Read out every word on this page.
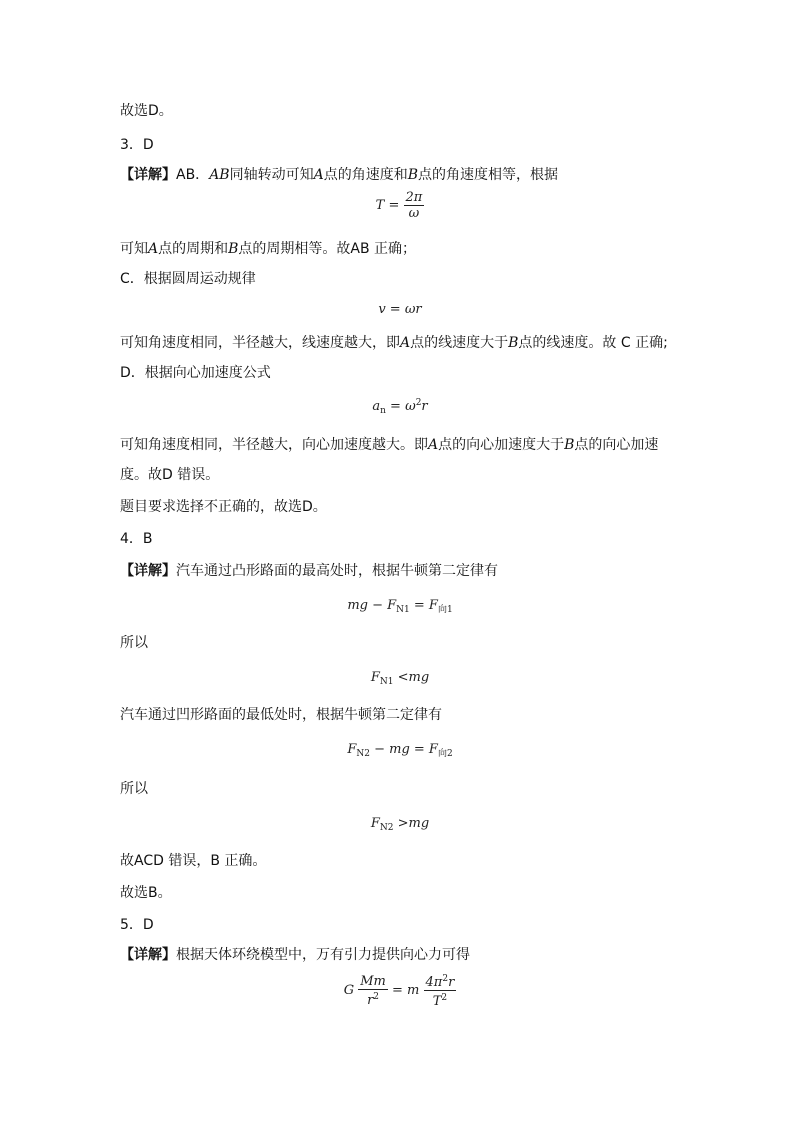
故选D。
3．D
【详解】AB．AB同轴转动可知A点的角速度和B点的角速度相等，根据
$T = \frac{2\pi}{\omega}$
可知A点的周期和B点的周期相等。故AB 正确；
C．根据圆周运动规律
v = ωr
可知角速度相同，半径越大，线速度越大，即A点的线速度大于B点的线速度。故 C 正确;
D．根据向心加速度公式
$a_n = \omega^2r$
可知角速度相同，半径越大，向心加速度越大。即A点的向心加速度大于B点的向心加速
度。故D 错误。
题目要求选择不正确的，故选D。
4．B
【详解】汽车通过凸形路面的最高处时，根据牛顿第二定律有
mg − $F_{N1} = F_{向1}$
所以
$F_{N1} <mg$
汽车通过凹形路面的最低处时，根据牛顿第二定律有
$F_{N2}$ − mg = $F_{向2}$
所以
$F_{N2} >mg$
故ACD 错误，B 正确。
故选B。
5．D
【详解】根据天体环绕模型中，万有引力提供向心力可得
G $\frac{Mm}{r^2} = m \frac{4\pi^2r}{T^2}$
